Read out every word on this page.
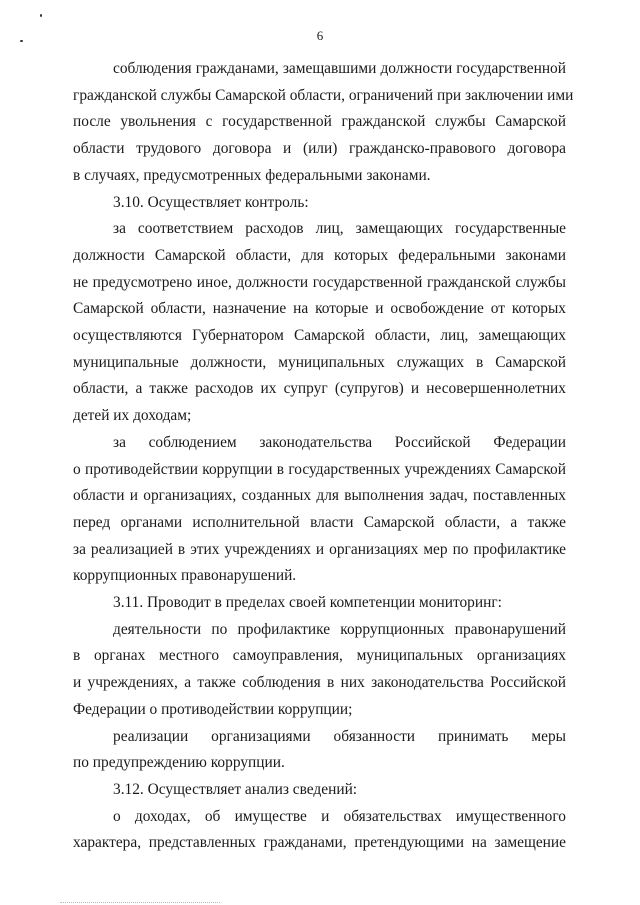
6
соблюдения гражданами, замещавшими должности государственной
гражданской службы Самарской области, ограничений при заключении ими
после увольнения с государственной гражданской службы Самарской
области трудового договора и (или) гражданско-правового договора
в случаях, предусмотренных федеральными законами.
3.10. Осуществляет контроль:
за соответствием расходов лиц, замещающих государственные
должности Самарской области, для которых федеральными законами
не предусмотрено иное, должности государственной гражданской службы
Самарской области, назначение на которые и освобождение от которых
осуществляются Губернатором Самарской области, лиц, замещающих
муниципальные должности, муниципальных служащих в Самарской
области, а также расходов их супруг (супругов) и несовершеннолетних
детей их доходам;
за соблюдением законодательства Российской Федерации
о противодействии коррупции в государственных учреждениях Самарской
области и организациях, созданных для выполнения задач, поставленных
перед органами исполнительной власти Самарской области, а также
за реализацией в этих учреждениях и организациях мер по профилактике
коррупционных правонарушений.
3.11. Проводит в пределах своей компетенции мониторинг:
деятельности по профилактике коррупционных правонарушений
в органах местного самоуправления, муниципальных организациях
и учреждениях, а также соблюдения в них законодательства Российской
Федерации о противодействии коррупции;
реализации организациями обязанности принимать меры
по предупреждению коррупции.
3.12. Осуществляет анализ сведений:
о доходах, об имуществе и обязательствах имущественного
характера, представленных гражданами, претендующими на замещение
